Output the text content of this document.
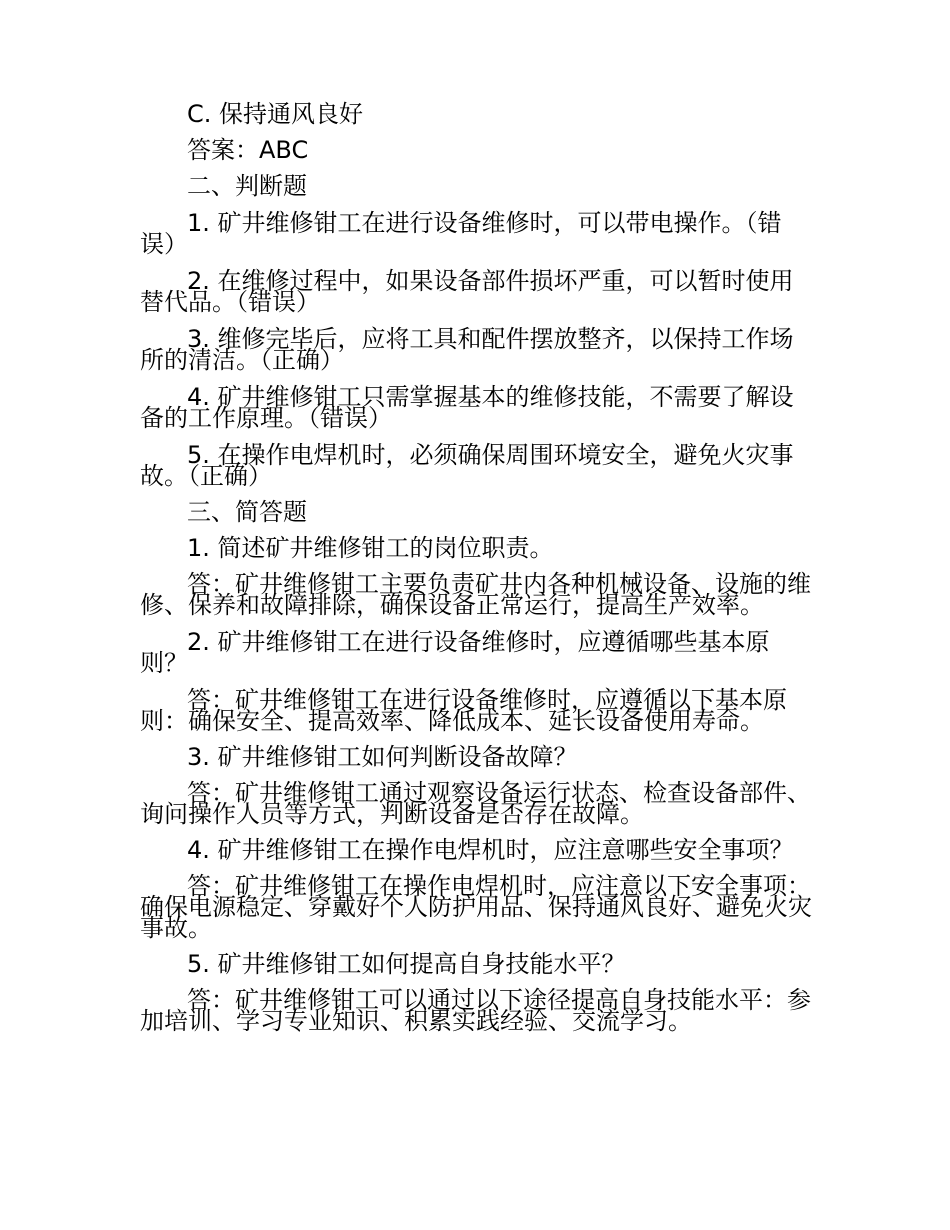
C. 保持通风良好

答案：ABC

二、判断题

1. 矿井维修钳工在进行设备维修时，可以带电操作。（错误）

2. 在维修过程中，如果设备部件损坏严重，可以暂时使用替代品。（错误）

3. 维修完毕后，应将工具和配件摆放整齐，以保持工作场所的清洁。（正确）

4. 矿井维修钳工只需掌握基本的维修技能，不需要了解设备的工作原理。（错误）

5. 在操作电焊机时，必须确保周围环境安全，避免火灾事故。（正确）

三、简答题

1. 简述矿井维修钳工的岗位职责。

答：矿井维修钳工主要负责矿井内各种机械设备、设施的维修、保养和故障排除，确保设备正常运行，提高生产效率。

2. 矿井维修钳工在进行设备维修时，应遵循哪些基本原则？

答：矿井维修钳工在进行设备维修时，应遵循以下基本原则：确保安全、提高效率、降低成本、延长设备使用寿命。

3. 矿井维修钳工如何判断设备故障？

答：矿井维修钳工通过观察设备运行状态、检查设备部件、询问操作人员等方式，判断设备是否存在故障。

4. 矿井维修钳工在操作电焊机时，应注意哪些安全事项？

答：矿井维修钳工在操作电焊机时，应注意以下安全事项：确保电源稳定、穿戴好个人防护用品、保持通风良好、避免火灾事故。

5. 矿井维修钳工如何提高自身技能水平？

答：矿井维修钳工可以通过以下途径提高自身技能水平：参加培训、学习专业知识、积累实践经验、交流学习。
